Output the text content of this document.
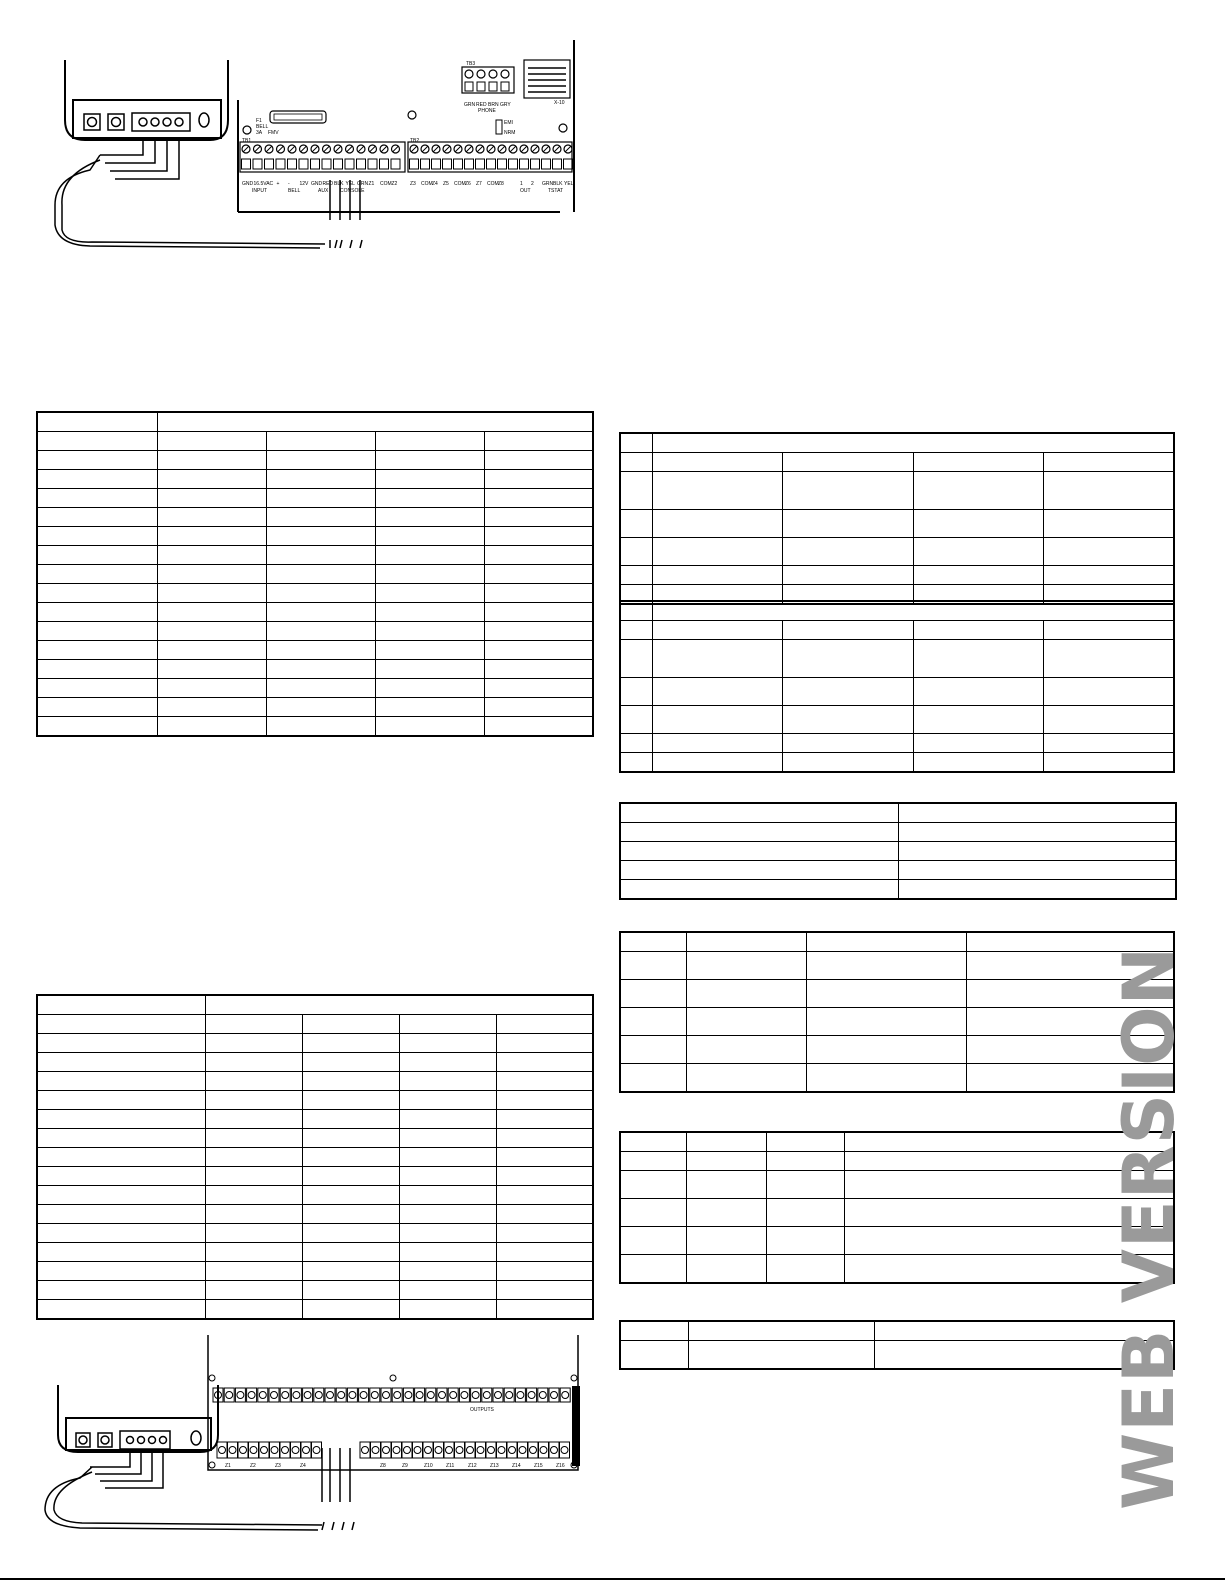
F1
BELL
3A FMV
TB1	TB2
TB3
PHONE
GRN RED BRN GRY	X-10
EMI
NRM
GND 16.5VAC + - 12V GND RED BLK YEL GRN Z1 COM Z2	Z3 COM Z4 Z5 COM Z6 Z7 COM Z8	1 2 GRN BLK YEL
INPUT	BELL	AUX CONSOLE	OUT	TSTAT

OUTPUTS
Z1	Z2	Z3	Z4	Z8	Z9	Z10	Z11	Z12	Z13	Z14	Z15	Z16	WEB VERSION
